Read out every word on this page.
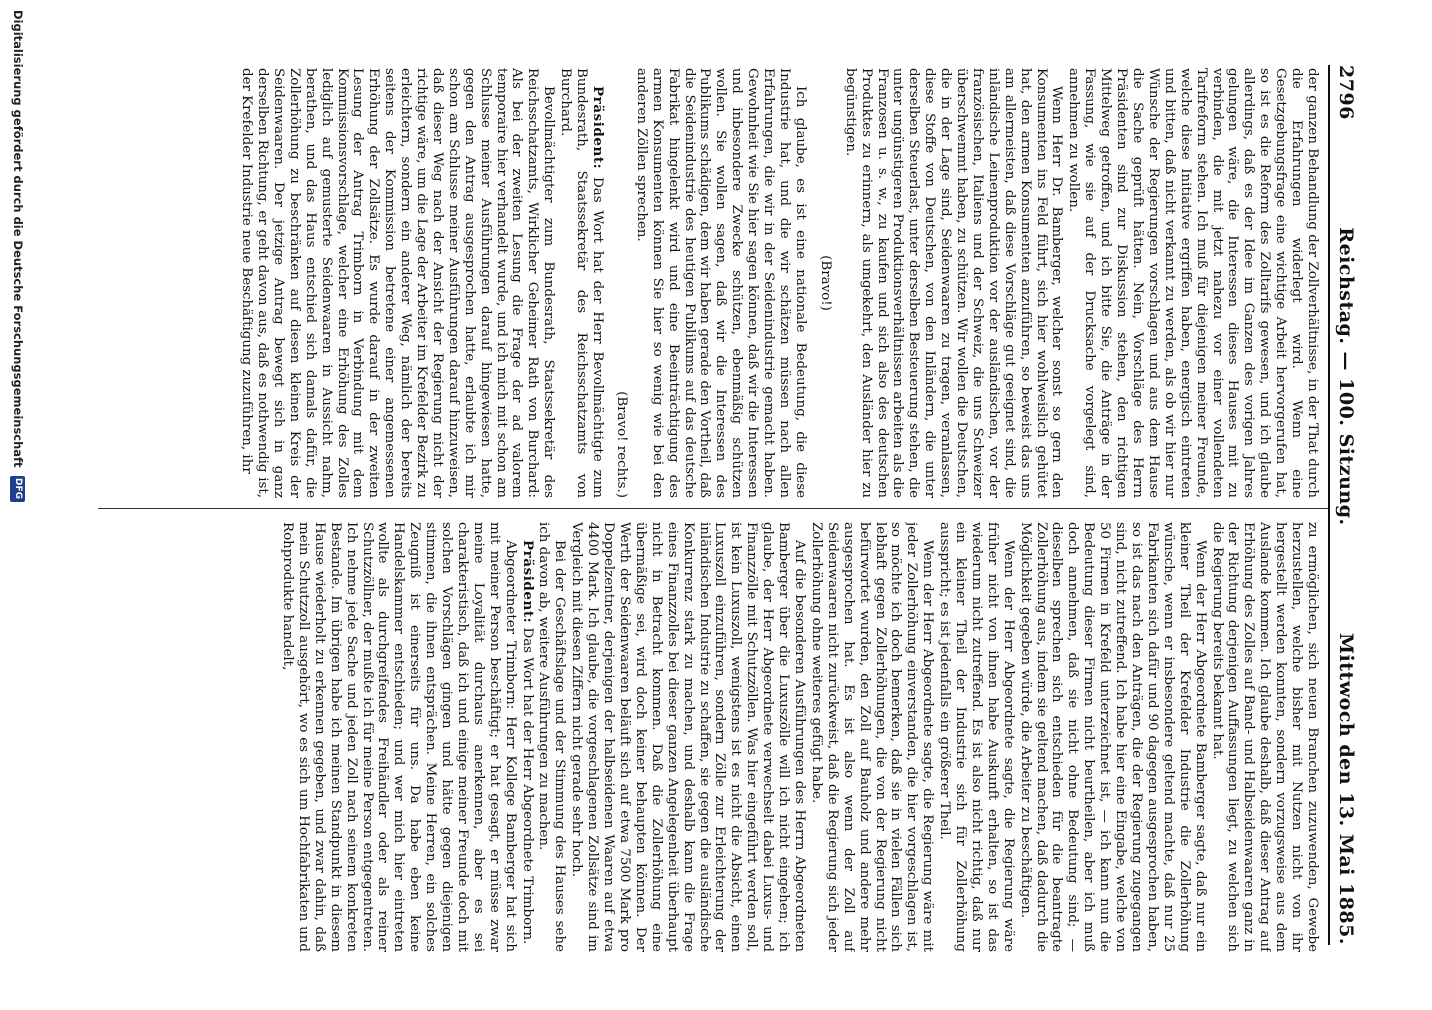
2796
Reichstag. — 100. Sitzung.
Mittwoch den 13. Mai 1885.

der ganzen Behandlung der Zollverhältnisse, in der That durch die Erfahrungen widerlegt wird. Wenn eine Gesetzgebungsfrage eine wichtige Arbeit hervorgerufen hat, so ist es die Reform des Zolltarifs gewesen, und ich glaube allerdings, daß es der Idee im Ganzen des vorigen Jahres gelungen wäre, die Interessen dieses Hauses mit zu verbinden, die mit jetzt nahezu vor einer vollendeten Tarifreform stehen. Ich muß für diejenigen meiner Freunde, welche diese Initiative ergriffen haben, energisch eintreten und bitten, daß nicht verkannt zu werden, als ob wir hier nur Wünsche der Regierungen vorschlagen und aus dem Hause die Sache geprüft hätten. Nein, Vorschläge des Herrn Präsidenten sind zur Diskussion stehen, den richtigen Mittelweg getroffen, und ich bitte Sie, die Anträge in der Fassung, wie sie auf der Drucksache vorgelegt sind, annehmen zu wollen.

Wenn Herr Dr. Bamberger, welcher sonst so gern den Konsumenten ins Feld führt, sich hier wohlweislich gehütet hat, den armen Konsumenten anzuführen, so beweist das uns am allermeisten, daß diese Vorschläge gut geeignet sind, die inländische Leinenproduktion vor der ausländischen, vor der französischen, Italiens und der Schweiz, die uns Schweizer überschwemmt haben, zu schützen. Wir wollen die Deutschen, die in der Lage sind, Seidenwaaren zu tragen, veranlassen, diese Stoffe von Deutschen, von den Inländern, die unter derselben Steuerlast, unter derselben Besteuerung stehen, die unter ungünstigeren Produktionsverhältnissen arbeiten als die Franzosen u. s. w., zu kaufen und sich also des deutschen Produktes zu erinnern, als umgekehrt, den Ausländer hier zu begünstigen.

(Bravo!)

Ich glaube, es ist eine nationale Bedeutung, die diese Industrie hat, und die wir schätzen müssen nach allen Erfahrungen, die wir in der Seidenindustrie gemacht haben. Gewohnheit wie Sie hier sagen können, daß wir die Interessen und inbesondere Zwecke schützen, ebenmäßig schützen wollen. Sie wollen sagen, daß wir die Interessen des Publikums schädigen, dem wir haben gerade den Vortheil, daß die Seidenindustrie des heutigen Publikums auf das deutsche Fabrikat hingelenkt wird und eine Beeinträchtigung des armen Konsumenten können Sie hier so wenig wie bei den anderen Zöllen sprechen.

(Bravo! rechts.)

Präsident: Das Wort hat der Herr Bevollmächtigte zum Bundesrath, Staatssekretär des Reichsschatzamts von Burchard.

Bevollmächtigter zum Bundesrath, Staatssekretär des Reichsschatzamts, Wirklicher Geheimer Rath von Burchard: Als bei der zweiten Lesung die Frage der ad valorem temporaire hier verhandelt wurde, und ich mich mit schon am Schlusse meiner Ausführungen darauf hingewiesen hatte, gegen den Antrag ausgesprochen hatte, erlaubte ich mir schon am Schlusse meiner Ausführungen darauf hinzuweisen, daß dieser Weg nach der Ansicht der Regierung nicht der richtige wäre, um die Lage der Arbeiter im Krefelder Bezirk zu erleichtern, sondern ein anderer Weg, nämlich der bereits seitens der Kommission betretene einer angemessenen Erhöhung der Zollsätze. Es wurde darauf in der zweiten Lesung der Antrag Trimborn in Verbindung mit dem Kommissionsvorschlage, welcher eine Erhöhung des Zolles lediglich auf gemusterte Seidenwaaren in Aussicht nahm, berathen, und das Haus entschied sich damals dafür, die Zollerhöhung zu beschränken auf diesen kleinen Kreis der Seidenwaaren. Der jetzige Antrag bewegt sich in ganz derselben Richtung, er geht davon aus, daß es nothwendig ist, der Krefelder Industrie neue Beschäftigung zuzuführen, ihr

zu ermöglichen, sich neuen Branchen zuzuwenden, Gewebe herzustellen, welche bisher mit Nutzen nicht von ihr hergestellt werden konnten, sondern vorzugsweise aus dem Auslande kommen. Ich glaube deshalb, daß dieser Antrag auf Erhöhung des Zolles auf Band- und Halbseidenwaaren ganz in der Richtung derjenigen Auffassungen liegt, zu welchen sich die Regierung bereits bekannt hat.

Wenn der Herr Abgeordnete Bamberger sagte, daß nur ein kleiner Theil der Krefelder Industrie die Zollerhöhung wünsche, wenn er insbesondere geltend machte, daß nur 25 Fabrikanten sich dafür und 90 dagegen ausgesprochen haben, so ist das nach den Anträgen, die der Regierung zugegangen sind, nicht zutreffend. Ich habe hier eine Eingabe, welche von 50 Firmen in Krefeld unterzeichnet ist, — ich kann nun die Bedeutung dieser Firmen nicht beurtheilen, aber ich muß doch annehmen, daß sie nicht ohne Bedeutung sind; — dieselben sprechen sich entschieden für die beantragte Zollerhöhung aus, indem sie geltend machen, daß dadurch die Möglichkeit gegeben würde, die Arbeiter zu beschäftigen.

Wenn der Herr Abgeordnete sagte, die Regierung wäre früher nicht von ihnen habe Auskunft erhalten, so ist das wiederum nicht zutreffend. Es ist also nicht richtig, daß nur ein kleiner Theil der Industrie sich für Zollerhöhung ausspricht; es ist jedenfalls ein größerer Theil.

Wenn der Herr Abgeordnete sagte, die Regierung wäre mit jeder Zollerhöhung einverstanden, die hier vorgeschlagen ist, so möchte ich doch bemerken, daß sie in vielen Fällen sich lebhaft gegen Zollerhöhungen, die von der Regierung nicht befürwortet wurden, den Zoll auf Bauholz und andere mehr ausgesprochen hat. Es ist also wenn der Zoll auf Seidenwaaren nicht zurückweist, daß die Regierung sich jeder Zollerhöhung ohne weiteres gefügt habe.

Auf die besonderen Ausführungen des Herrn Abgeordneten Bamberger über die Luxuszölle will ich nicht eingehen; ich glaube, der Herr Abgeordnete verwechselt dabei Luxus- und Finanzzölle mit Schutzzöllen. Was hier eingeführt werden soll, ist kein Luxuszoll, wenigstens ist es nicht die Absicht, einen Luxuszoll einzuführen, sondern Zölle zur Erleichterung der inländischen Industrie zu schaffen, sie gegen die ausländische Konkurrenz stark zu machen, und deshalb kann die Frage eines Finanzzolles bei dieser ganzen Angelegenheit überhaupt nicht in Betracht kommen. Daß die Zollerhöhung eine übermäßige sei, wird doch keiner behaupten können. Der Werth der Seidenwaaren beläuft sich auf etwa 7500 Mark pro Doppelzentner, derjenigen der halbseidenen Waaren auf etwa 4400 Mark. Ich glaube, die vorgeschlagenen Zollsätze sind im Vergleich mit diesen Ziffern nicht gerade sehr hoch.

Bei der Geschäftslage und der Stimmung des Hauses sehe ich davon ab, weitere Ausführungen zu machen.

Präsident: Das Wort hat der Herr Abgeordnete Trimborn.

Abgeordneter Trimborn: Herr Kollege Bamberger hat sich mit meiner Person beschäftigt; er hat gesagt, er müsse zwar meine Loyalität durchaus anerkennen, aber es sei charakteristisch, daß ich und einige meiner Freunde doch mit solchen Vorschlägen gingen und hätte gegen diejenigen stimmen, die ihnen entsprächen. Meine Herren, ein solches Zeugniß ist einerseits für uns. Da habe eben keine Handelskammer entschieden; und wer mich hier eintreten wollte als durchgreifendes Freihändler oder als reiner Schutzzöllner, der mußte ich für meine Person entgegentreten. Ich nehme jede Sache und jeden Zoll nach seinem konkreten Bestande. Im übrigen habe ich meinen Standpunkt in diesem Hause wiederholt zu erkennen gegeben, und zwar dahin, daß mein Schutzzoll ausgehört, wo es sich um Hochfabrikaten und Rohprodukte handelt,

Digitalisierung gefördert durch die Deutsche Forschungsgemeinschaft
DFG
